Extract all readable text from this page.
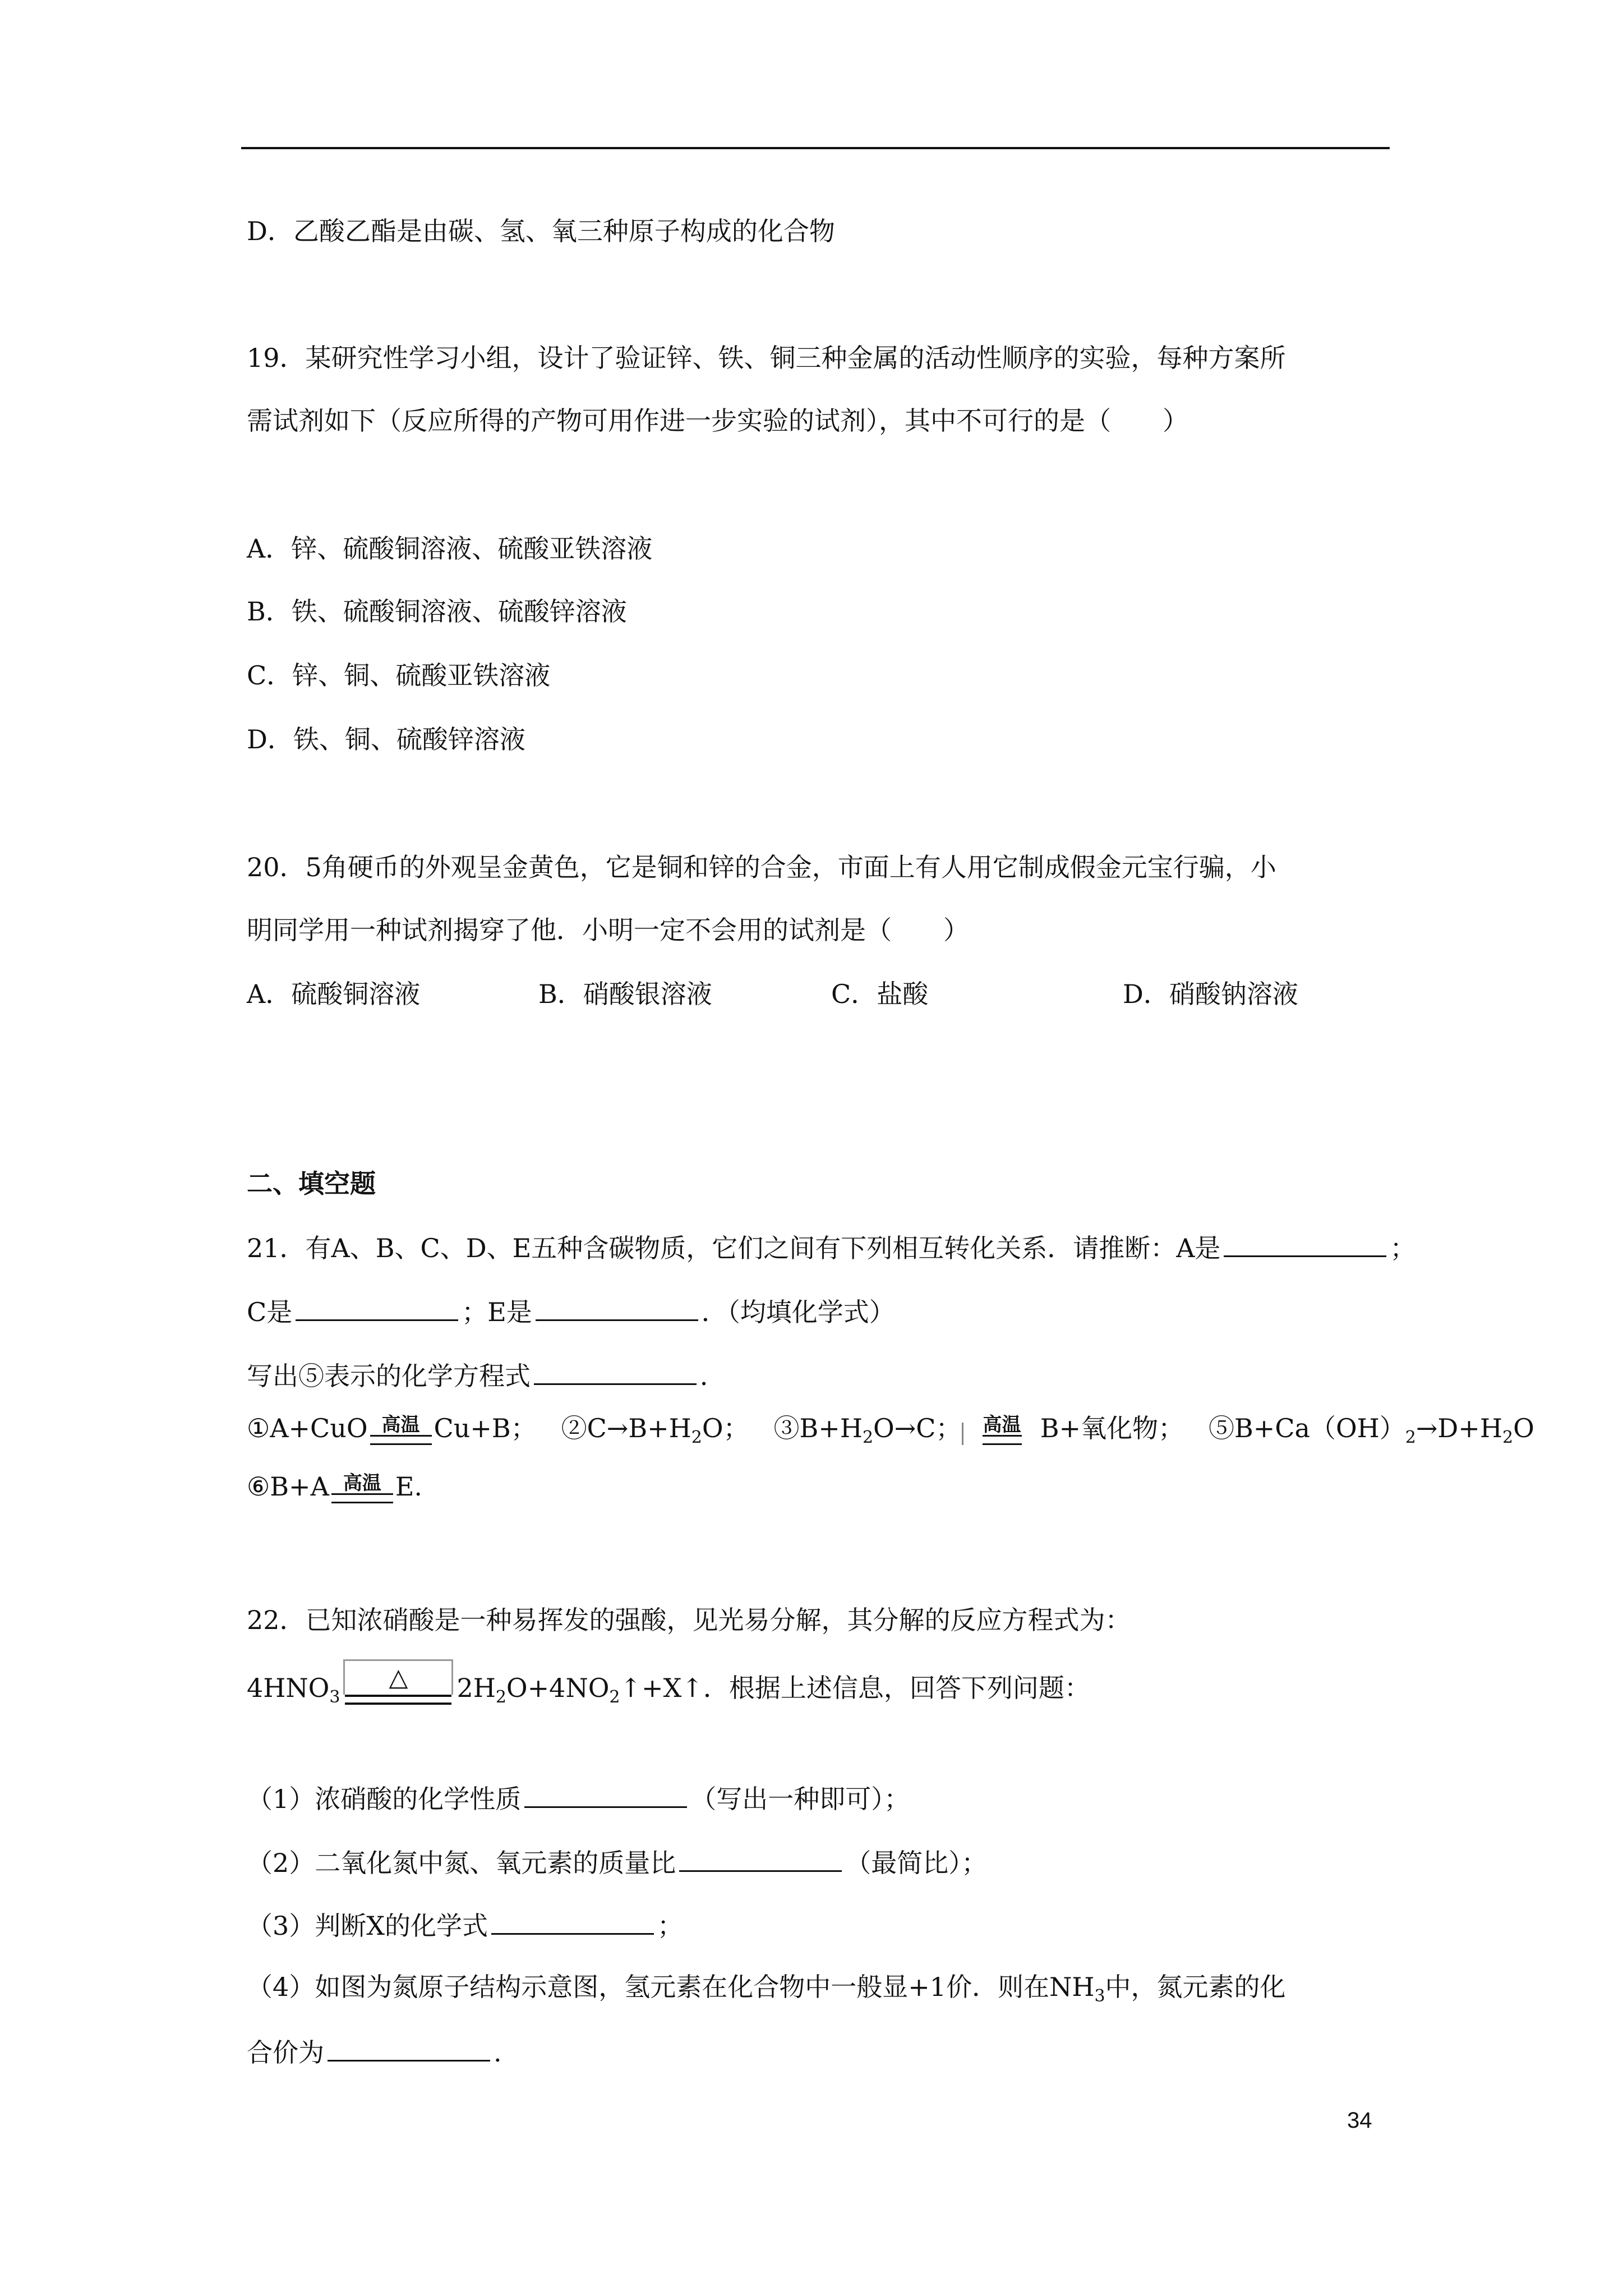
D．乙酸乙酯是由碳、氢、氧三种原子构成的化合物
19．某研究性学习小组，设计了验证锌、铁、铜三种金属的活动性顺序的实验，每种方案所
需试剂如下（反应所得的产物可用作进一步实验的试剂），其中不可行的是（　　）
A．锌、硫酸铜溶液、硫酸亚铁溶液
B．铁、硫酸铜溶液、硫酸锌溶液
C．锌、铜、硫酸亚铁溶液
D．铁、铜、硫酸锌溶液
20．5角硬币的外观呈金黄色，它是铜和锌的合金，市面上有人用它制成假金元宝行骗，小
明同学用一种试剂揭穿了他．小明一定不会用的试剂是（　　）
A．硫酸铜溶液	B．硝酸银溶液	C．盐酸	D．硝酸钠溶液
二、填空题
21．有A、B、C、D、E五种含碳物质，它们之间有下列相互转化关系．请推断：A是	；
C是	；E是	．（均填化学式）
写出⑤表示的化学方程式	．
①A+CuO 高温 Cu+B； $②C\to B+H_2O$； $③B+H_2O\to C$； 高温 B+氧化物； $⑤B+Ca(OH)_2\to D+H_2O$
⑥B+A 高温 E.
22．已知浓硝酸是一种易挥发的强酸，见光易分解，其分解的反应方程式为：
$4HNO_3$
△	$2H_2O+4NO_2↑+X↑$．根据上述信息，回答下列问题：
（1）浓硝酸的化学性质	（写出一种即可）；
（2）二氧化氮中氮、氧元素的质量比	（最简比）；
（3）判断X的化学式	；
（4）如图为氮原子结构示意图，氢元素在化合物中一般显+1价．则在$NH_3$中，氮元素的化
合价为	.
34
